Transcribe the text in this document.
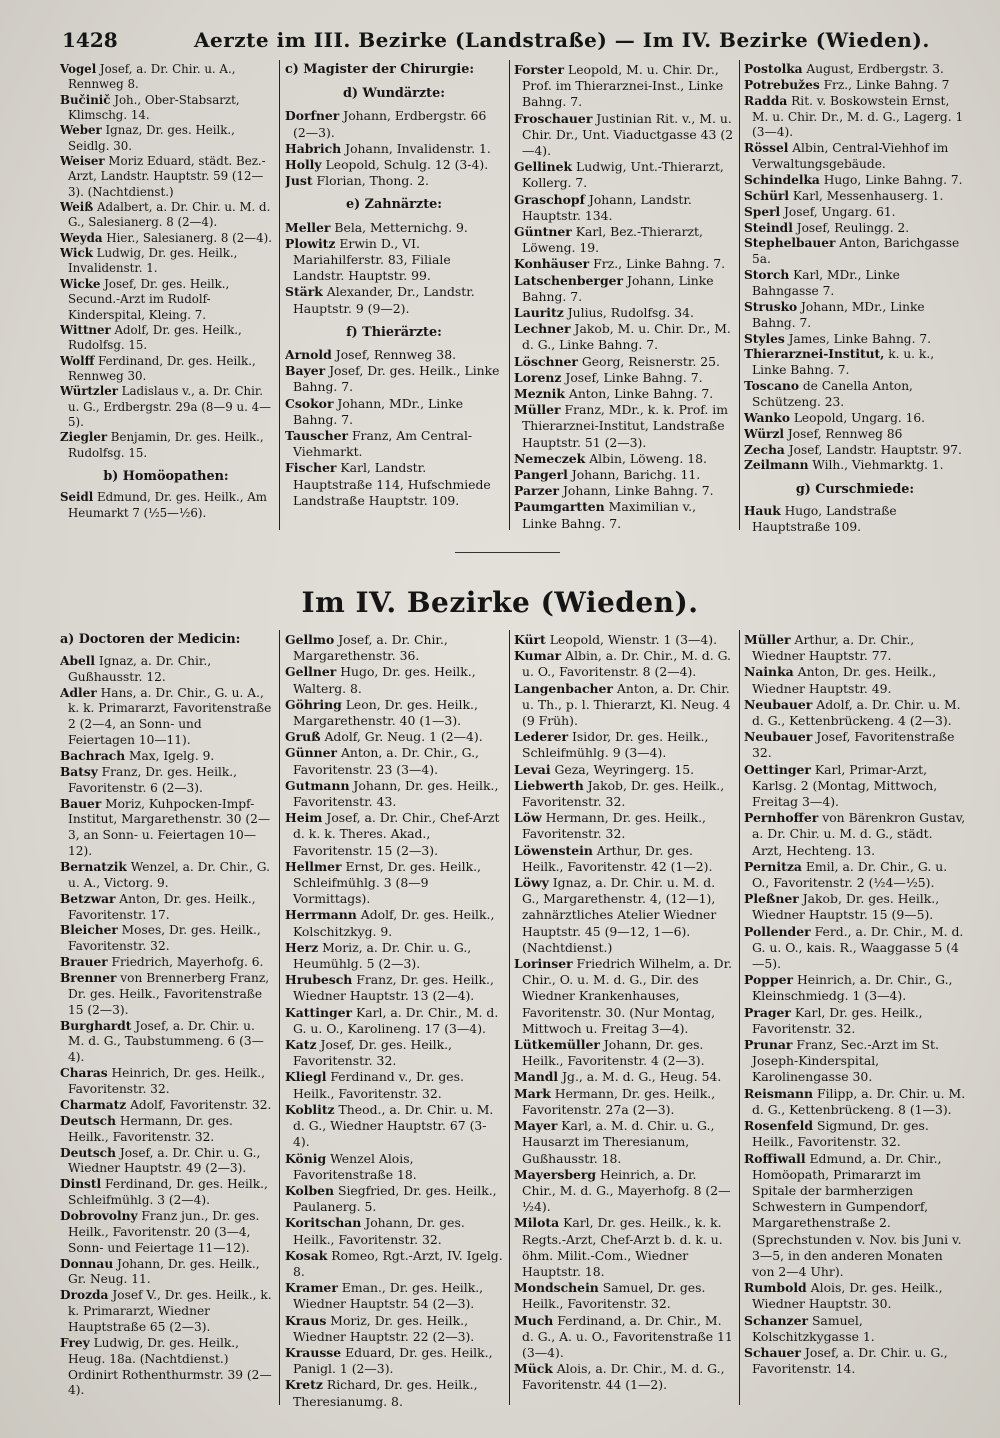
1428	Aerzte im III. Bezirke (Landstraße) — Im IV. Bezirke (Wieden).

Vogel Josef, a. Dr. Chir. u. A., Rennweg 8.

Bučinič Joh., Ober-Stabsarzt, Klimschg. 14.

Weber Ignaz, Dr. ges. Heilk., Seidlg. 30.

Weiser Moriz Eduard, städt. Bez.-Arzt, Landstr. Hauptstr. 59 (12—3). (Nachtdienst.)

Weiß Adalbert, a. Dr. Chir. u. M. d. G., Salesianerg. 8 (2—4).

Weyda Hier., Salesianerg. 8 (2—4).

Wick Ludwig, Dr. ges. Heilk., Invalidenstr. 1.

Wicke Josef, Dr. ges. Heilk., Secund.-Arzt im Rudolf-Kinderspital, Kleing. 7.

Wittner Adolf, Dr. ges. Heilk., Rudolfsg. 15.

Wolff Ferdinand, Dr. ges. Heilk., Rennweg 30.

Würtzler Ladislaus v., a. Dr. Chir. u. G., Erdbergstr. 29a (8—9 u. 4—5).

Ziegler Benjamin, Dr. ges. Heilk., Rudolfsg. 15.

b) Homöopathen:

Seidl Edmund, Dr. ges. Heilk., Am Heumarkt 7 (½5—½6).

c) Magister der Chirurgie:

d) Wundärzte:

Dorfner Johann, Erdbergstr. 66 (2—3).

Habrich Johann, Invalidenstr. 1.

Holly Leopold, Schulg. 12 (3-4).

Just Florian, Thong. 2.

e) Zahnärzte:

Meller Bela, Metternichg. 9.

Plowitz Erwin D., VI. Mariahilferstr. 83, Filiale Landstr. Hauptstr. 99.

Stärk Alexander, Dr., Landstr. Hauptstr. 9 (9—2).

f) Thierärzte:

Arnold Josef, Rennweg 38.

Bayer Josef, Dr. ges. Heilk., Linke Bahng. 7.

Csokor Johann, MDr., Linke Bahng. 7.

Tauscher Franz, Am Central-Viehmarkt.

Fischer Karl, Landstr. Hauptstraße 114, Hufschmiede Landstraße Hauptstr. 109.

Forster Leopold, M. u. Chir. Dr., Prof. im Thierarznei-Inst., Linke Bahng. 7.

Froschauer Justinian Rit. v., M. u. Chir. Dr., Unt. Viaductgasse 43 (2—4).

Gellinek Ludwig, Unt.-Thierarzt, Kollerg. 7.

Graschopf Johann, Landstr. Hauptstr. 134.

Güntner Karl, Bez.-Thierarzt, Löweng. 19.

Konhäuser Frz., Linke Bahng. 7.

Latschenberger Johann, Linke Bahng. 7.

Lauritz Julius, Rudolfsg. 34.

Lechner Jakob, M. u. Chir. Dr., M. d. G., Linke Bahng. 7.

Löschner Georg, Reisnerstr. 25.

Lorenz Josef, Linke Bahng. 7.

Meznik Anton, Linke Bahng. 7.

Müller Franz, MDr., k. k. Prof. im Thierarznei-Institut, Landstraße Hauptstr. 51 (2—3).

Nemeczek Albin, Löweng. 18.

Pangerl Johann, Barichg. 11.

Parzer Johann, Linke Bahng. 7.

Paumgartten Maximilian v., Linke Bahng. 7.

Postolka August, Erdbergstr. 3.

Potrebužes Frz., Linke Bahng. 7

Radda Rit. v. Boskowstein Ernst, M. u. Chir. Dr., M. d. G., Lagerg. 1 (3—4).

Rössel Albin, Central-Viehhof im Verwaltungsgebäude.

Schindelka Hugo, Linke Bahng. 7.

Schürl Karl, Messenhauserg. 1.

Sperl Josef, Ungarg. 61.

Steindl Josef, Reulingg. 2.

Stephelbauer Anton, Barichgasse 5a.

Storch Karl, MDr., Linke Bahngasse 7.

Strusko Johann, MDr., Linke Bahng. 7.

Styles James, Linke Bahng. 7.

Thierarznei-Institut, k. u. k., Linke Bahng. 7.

Toscano de Canella Anton, Schützeng. 23.

Wanko Leopold, Ungarg. 16.

Würzl Josef, Rennweg 86

Zecha Josef, Landstr. Hauptstr. 97.

Zeilmann Wilh., Viehmarktg. 1.

g) Curschmiede:

Hauk Hugo, Landstraße Hauptstraße 109.

Im IV. Bezirke (Wieden).

a) Doctoren der Medicin:

Abell Ignaz, a. Dr. Chir., Gußhausstr. 12.

Adler Hans, a. Dr. Chir., G. u. A., k. k. Primararzt, Favoritenstraße 2 (2—4, an Sonn- und Feiertagen 10—11).

Bachrach Max, Igelg. 9.

Batsy Franz, Dr. ges. Heilk., Favoritenstr. 6 (2—3).

Bauer Moriz, Kuhpocken-Impf-Institut, Margarethenstr. 30 (2—3, an Sonn- u. Feiertagen 10—12).

Bernatzik Wenzel, a. Dr. Chir., G. u. A., Victorg. 9.

Betzwar Anton, Dr. ges. Heilk., Favoritenstr. 17.

Bleicher Moses, Dr. ges. Heilk., Favoritenstr. 32.

Brauer Friedrich, Mayerhofg. 6.

Brenner von Brennerberg Franz, Dr. ges. Heilk., Favoritenstraße 15 (2—3).

Burghardt Josef, a. Dr. Chir. u. M. d. G., Taubstummeng. 6 (3—4).

Charas Heinrich, Dr. ges. Heilk., Favoritenstr. 32.

Charmatz Adolf, Favoritenstr. 32.

Deutsch Hermann, Dr. ges. Heilk., Favoritenstr. 32.

Deutsch Josef, a. Dr. Chir. u. G., Wiedner Hauptstr. 49 (2—3).

Dinstl Ferdinand, Dr. ges. Heilk., Schleifmühlg. 3 (2—4).

Dobrovolny Franz jun., Dr. ges. Heilk., Favoritenstr. 20 (3—4, Sonn- und Feiertage 11—12).

Donnau Johann, Dr. ges. Heilk., Gr. Neug. 11.

Drozda Josef V., Dr. ges. Heilk., k. k. Primararzt, Wiedner Hauptstraße 65 (2—3).

Frey Ludwig, Dr. ges. Heilk., Heug. 18a. (Nachtdienst.) Ordinirt Rothenthurmstr. 39 (2—4).

Gellmo Josef, a. Dr. Chir., Margarethenstr. 36.

Gellner Hugo, Dr. ges. Heilk., Walterg. 8.

Göhring Leon, Dr. ges. Heilk., Margarethenstr. 40 (1—3).

Gruß Adolf, Gr. Neug. 1 (2—4).

Günner Anton, a. Dr. Chir., G., Favoritenstr. 23 (3—4).

Gutmann Johann, Dr. ges. Heilk., Favoritenstr. 43.

Heim Josef, a. Dr. Chir., Chef-Arzt d. k. k. Theres. Akad., Favoritenstr. 15 (2—3).

Hellmer Ernst, Dr. ges. Heilk., Schleifmühlg. 3 (8—9 Vormittags).

Herrmann Adolf, Dr. ges. Heilk., Kolschitzkyg. 9.

Herz Moriz, a. Dr. Chir. u. G., Heumühlg. 5 (2—3).

Hrubesch Franz, Dr. ges. Heilk., Wiedner Hauptstr. 13 (2—4).

Kattinger Karl, a. Dr. Chir., M. d. G. u. O., Karolineng. 17 (3—4).

Katz Josef, Dr. ges. Heilk., Favoritenstr. 32.

Kliegl Ferdinand v., Dr. ges. Heilk., Favoritenstr. 32.

Koblitz Theod., a. Dr. Chir. u. M. d. G., Wiedner Hauptstr. 67 (3-4).

König Wenzel Alois, Favoritenstraße 18.

Kolben Siegfried, Dr. ges. Heilk., Paulanerg. 5.

Koritschan Johann, Dr. ges. Heilk., Favoritenstr. 32.

Kosak Romeo, Rgt.-Arzt, IV. Igelg. 8.

Kramer Eman., Dr. ges. Heilk., Wiedner Hauptstr. 54 (2—3).

Kraus Moriz, Dr. ges. Heilk., Wiedner Hauptstr. 22 (2—3).

Krausse Eduard, Dr. ges. Heilk., Panigl. 1 (2—3).

Kretz Richard, Dr. ges. Heilk., Theresianumg. 8.

Kürt Leopold, Wienstr. 1 (3—4).

Kumar Albin, a. Dr. Chir., M. d. G. u. O., Favoritenstr. 8 (2—4).

Langenbacher Anton, a. Dr. Chir. u. Th., p. l. Thierarzt, Kl. Neug. 4 (9 Früh).

Lederer Isidor, Dr. ges. Heilk., Schleifmühlg. 9 (3—4).

Levai Geza, Weyringerg. 15.

Liebwerth Jakob, Dr. ges. Heilk., Favoritenstr. 32.

Löw Hermann, Dr. ges. Heilk., Favoritenstr. 32.

Löwenstein Arthur, Dr. ges. Heilk., Favoritenstr. 42 (1—2).

Löwy Ignaz, a. Dr. Chir. u. M. d. G., Margarethenstr. 4, (12—1), zahnärztliches Atelier Wiedner Hauptstr. 45 (9—12, 1—6). (Nachtdienst.)

Lorinser Friedrich Wilhelm, a. Dr. Chir., O. u. M. d. G., Dir. des Wiedner Krankenhauses, Favoritenstr. 30. (Nur Montag, Mittwoch u. Freitag 3—4).

Lütkemüller Johann, Dr. ges. Heilk., Favoritenstr. 4 (2—3).

Mandl Jg., a. M. d. G., Heug. 54.

Mark Hermann, Dr. ges. Heilk., Favoritenstr. 27a (2—3).

Mayer Karl, a. M. d. Chir. u. G., Hausarzt im Theresianum, Gußhausstr. 18.

Mayersberg Heinrich, a. Dr. Chir., M. d. G., Mayerhofg. 8 (2—½4).

Milota Karl, Dr. ges. Heilk., k. k. Regts.-Arzt, Chef-Arzt b. d. k. u. öhm. Milit.-Com., Wiedner Hauptstr. 18.

Mondschein Samuel, Dr. ges. Heilk., Favoritenstr. 32.

Much Ferdinand, a. Dr. Chir., M. d. G., A. u. O., Favoritenstraße 11 (3—4).

Mück Alois, a. Dr. Chir., M. d. G., Favoritenstr. 44 (1—2).

Müller Arthur, a. Dr. Chir., Wiedner Hauptstr. 77.

Nainka Anton, Dr. ges. Heilk., Wiedner Hauptstr. 49.

Neubauer Adolf, a. Dr. Chir. u. M. d. G., Kettenbrückeng. 4 (2—3).

Neubauer Josef, Favoritenstraße 32.

Oettinger Karl, Primar-Arzt, Karlsg. 2 (Montag, Mittwoch, Freitag 3—4).

Pernhoffer von Bärenkron Gustav, a. Dr. Chir. u. M. d. G., städt. Arzt, Hechteng. 13.

Pernitza Emil, a. Dr. Chir., G. u. O., Favoritenstr. 2 (½4—½5).

Pleßner Jakob, Dr. ges. Heilk., Wiedner Hauptstr. 15 (9—5).

Pollender Ferd., a. Dr. Chir., M. d. G. u. O., kais. R., Waaggasse 5 (4—5).

Popper Heinrich, a. Dr. Chir., G., Kleinschmiedg. 1 (3—4).

Prager Karl, Dr. ges. Heilk., Favoritenstr. 32.

Prunar Franz, Sec.-Arzt im St. Joseph-Kinderspital, Karolinengasse 30.

Reismann Filipp, a. Dr. Chir. u. M. d. G., Kettenbrückeng. 8 (1—3).

Rosenfeld Sigmund, Dr. ges. Heilk., Favoritenstr. 32.

Roffiwall Edmund, a. Dr. Chir., Homöopath, Primararzt im Spitale der barmherzigen Schwestern in Gumpendorf, Margarethenstraße 2. (Sprechstunden v. Nov. bis Juni v. 3—5, in den anderen Monaten von 2—4 Uhr).

Rumbold Alois, Dr. ges. Heilk., Wiedner Hauptstr. 30.

Schanzer Samuel, Kolschitzkygasse 1.

Schauer Josef, a. Dr. Chir. u. G., Favoritenstr. 14.
